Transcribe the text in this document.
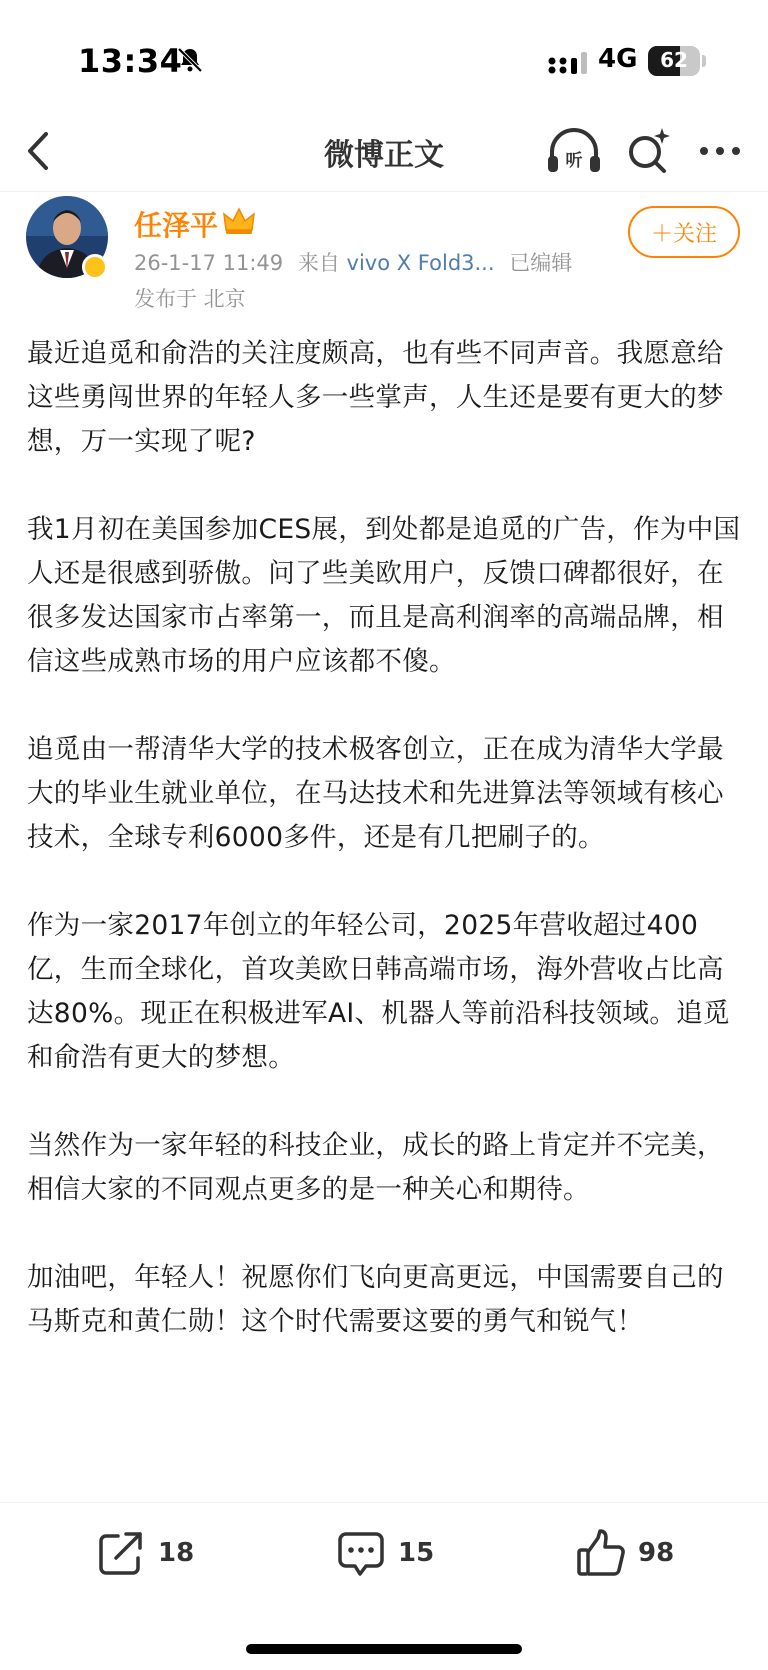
13:34	4G	62
微博正文	听
任泽平
26-1-17 11:49 来自 vivo X Fold3... 已编辑
发布于 北京
＋关注

最近追觅和俞浩的关注度颇高，也有些不同声音。我愿意给这些勇闯世界的年轻人多一些掌声，人生还是要有更大的梦想，万一实现了呢?

我1月初在美国参加CES展，到处都是追觅的广告，作为中国人还是很感到骄傲。问了些美欧用户，反馈口碑都很好，在很多发达国家市占率第一，而且是高利润率的高端品牌，相信这些成熟市场的用户应该都不傻。

追觅由一帮清华大学的技术极客创立，正在成为清华大学最大的毕业生就业单位，在马达技术和先进算法等领域有核心技术，全球专利6000多件，还是有几把刷子的。

作为一家2017年创立的年轻公司，2025年营收超过400亿，生而全球化，首攻美欧日韩高端市场，海外营收占比高达80%。现正在积极进军AI、机器人等前沿科技领域。追觅和俞浩有更大的梦想。

当然作为一家年轻的科技企业，成长的路上肯定并不完美，相信大家的不同观点更多的是一种关心和期待。

加油吧，年轻人！祝愿你们飞向更高更远，中国需要自己的马斯克和黄仁勋！这个时代需要这要的勇气和锐气！

18	15	98
